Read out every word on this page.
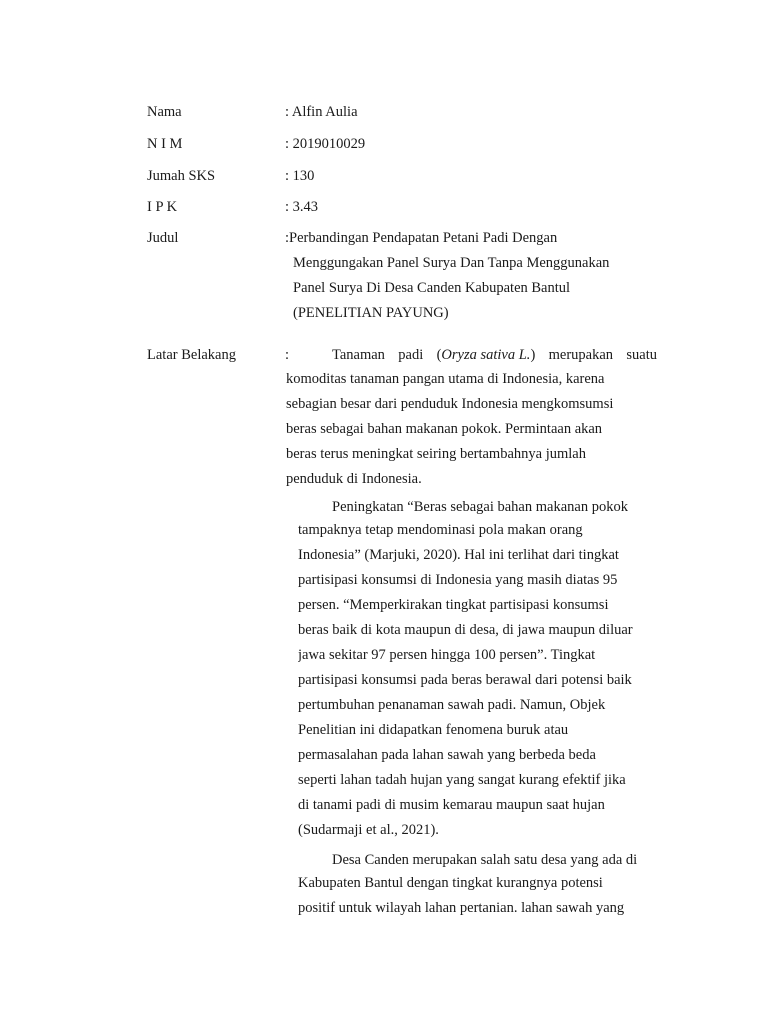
Nama	: Alfin Aulia
N I M	: 2019010029
Jumah SKS	: 130
I P K	: 3.43
Judul	:Perbandingan Pendapatan Petani Padi Dengan
Menggungakan Panel Surya Dan Tanpa Menggunakan
Panel Surya Di Desa Canden Kabupaten Bantul
(PENELITIAN PAYUNG)
Latar Belakang	:	Tanaman padi (Oryza sativa L.) merupakan suatu
komoditas tanaman pangan utama di Indonesia, karena
sebagian besar dari penduduk Indonesia mengkomsumsi
beras sebagai bahan makanan pokok. Permintaan akan
beras terus meningkat seiring bertambahnya jumlah
penduduk di Indonesia.
Peningkatan “Beras sebagai bahan makanan pokok
tampaknya tetap mendominasi pola makan orang
Indonesia” (Marjuki, 2020). Hal ini terlihat dari tingkat
partisipasi konsumsi di Indonesia yang masih diatas 95
persen. “Memperkirakan tingkat partisipasi konsumsi
beras baik di kota maupun di desa, di jawa maupun diluar
jawa sekitar 97 persen hingga 100 persen”. Tingkat
partisipasi konsumsi pada beras berawal dari potensi baik
pertumbuhan penanaman sawah padi. Namun, Objek
Penelitian ini didapatkan fenomena buruk atau
permasalahan pada lahan sawah yang berbeda beda
seperti lahan tadah hujan yang sangat kurang efektif jika
di tanami padi di musim kemarau maupun saat hujan
(Sudarmaji et al., 2021).
Desa Canden merupakan salah satu desa yang ada di
Kabupaten Bantul dengan tingkat kurangnya potensi
positif untuk wilayah lahan pertanian. lahan sawah yang
